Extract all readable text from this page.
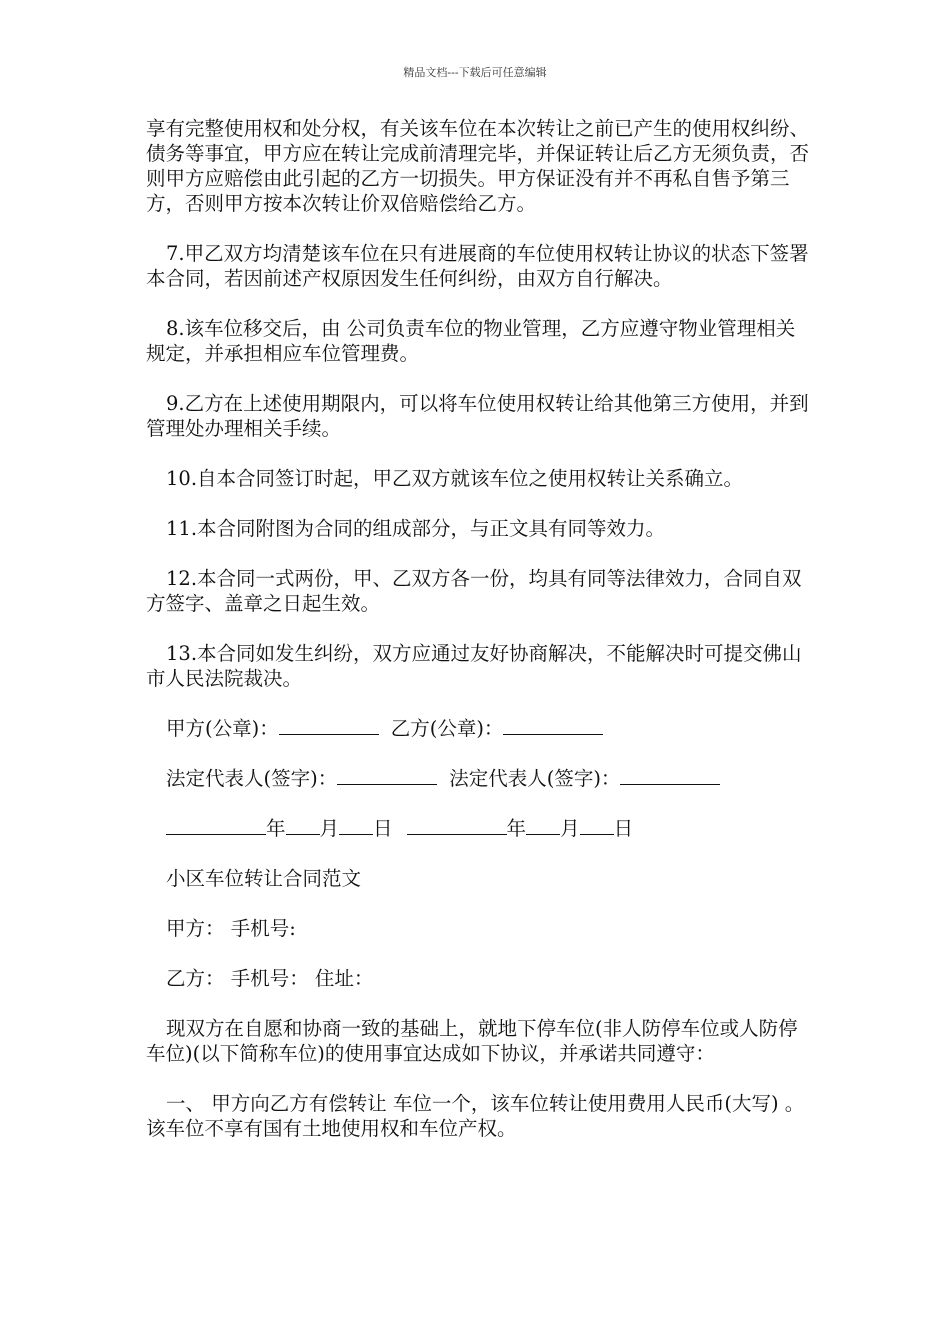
精品文档---下载后可任意编辑

享有完整使用权和处分权，有关该车位在本次转让之前已产生的使用权纠纷、债务等事宜，甲方应在转让完成前清理完毕，并保证转让后乙方无须负责，否则甲方应赔偿由此引起的乙方一切损失。甲方保证没有并不再私自售予第三方，否则甲方按本次转让价双倍赔偿给乙方。

7.甲乙双方均清楚该车位在只有进展商的车位使用权转让协议的状态下签署本合同，若因前述产权原因发生任何纠纷，由双方自行解决。

8.该车位移交后，由 公司负责车位的物业管理，乙方应遵守物业管理相关规定，并承担相应车位管理费。

9.乙方在上述使用期限内，可以将车位使用权转让给其他第三方使用，并到管理处办理相关手续。

10.自本合同签订时起，甲乙双方就该车位之使用权转让关系确立。

11.本合同附图为合同的组成部分，与正文具有同等效力。

12.本合同一式两份，甲、乙双方各一份，均具有同等法律效力，合同自双方签字、盖章之日起生效。

13.本合同如发生纠纷，双方应通过友好协商解决，不能解决时可提交佛山市人民法院裁决。

甲方(公章)：	乙方(公章)：

法定代表人(签字)：	法定代表人(签字)：

年 月 日	年 月 日

小区车位转让合同范文

甲方： 手机号:

乙方： 手机号： 住址：

现双方在自愿和协商一致的基础上，就地下停车位(非人防停车位或人防停车位)(以下简称车位)的使用事宜达成如下协议，并承诺共同遵守：

一、 甲方向乙方有偿转让 车位一个，该车位转让使用费用人民币(大写) 。该车位不享有国有土地使用权和车位产权。
